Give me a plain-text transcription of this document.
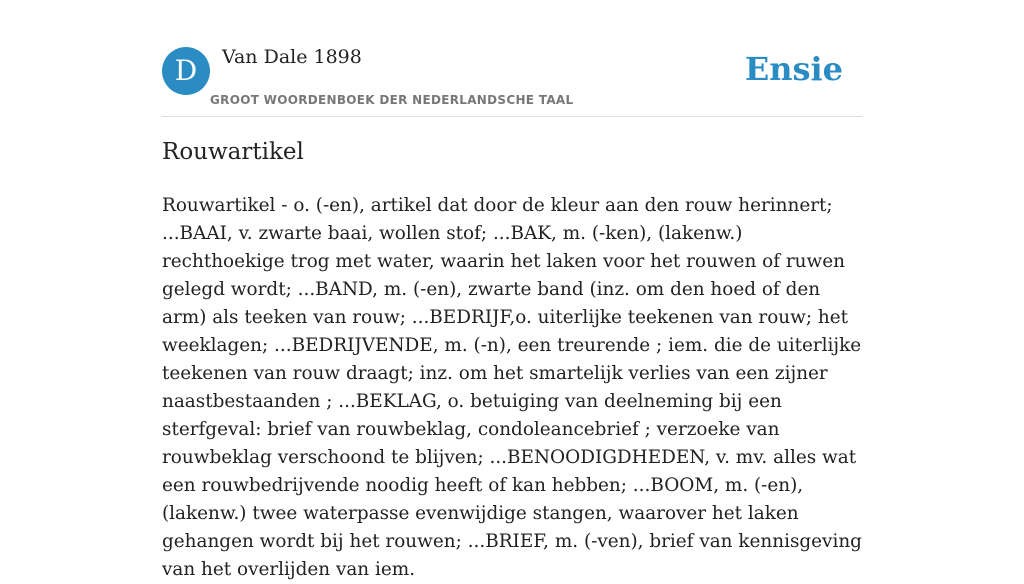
D	Van Dale 1898
GROOT WOORDENBOEK DER NEDERLANDSCHE TAAL
Ensie
Rouwartikel

Rouwartikel - o. (-en), artikel dat door de kleur aan den rouw herinnert; ...BAAI, v. zwarte baai, wollen stof; ...BAK, m. (-ken), (lakenw.) rechthoekige trog met water, waarin het laken voor het rouwen of ruwen gelegd wordt; ...BAND, m. (-en), zwarte band (inz. om den hoed of den arm) als teeken van rouw; ...BEDRIJF,o. uiterlijke teekenen van rouw; het weeklagen; ...BEDRIJVENDE, m. (-n), een treurende ; iem. die de uiterlijke teekenen van rouw draagt; inz. om het smartelijk verlies van een zijner naastbestaanden ; ...BEKLAG, o. betuiging van deelneming bij een sterfgeval: brief van rouwbeklag, condoleancebrief ; verzoeke van rouwbeklag verschoond te blijven; ...BENOODIGDHEDEN, v. mv. alles wat een rouwbedrijvende noodig heeft of kan hebben; ...BOOM, m. (-en), (lakenw.) twee waterpasse evenwijdige stangen, waarover het laken gehangen wordt bij het rouwen; ...BRIEF, m. (-ven), brief van kennisgeving van het overlijden van iem.
